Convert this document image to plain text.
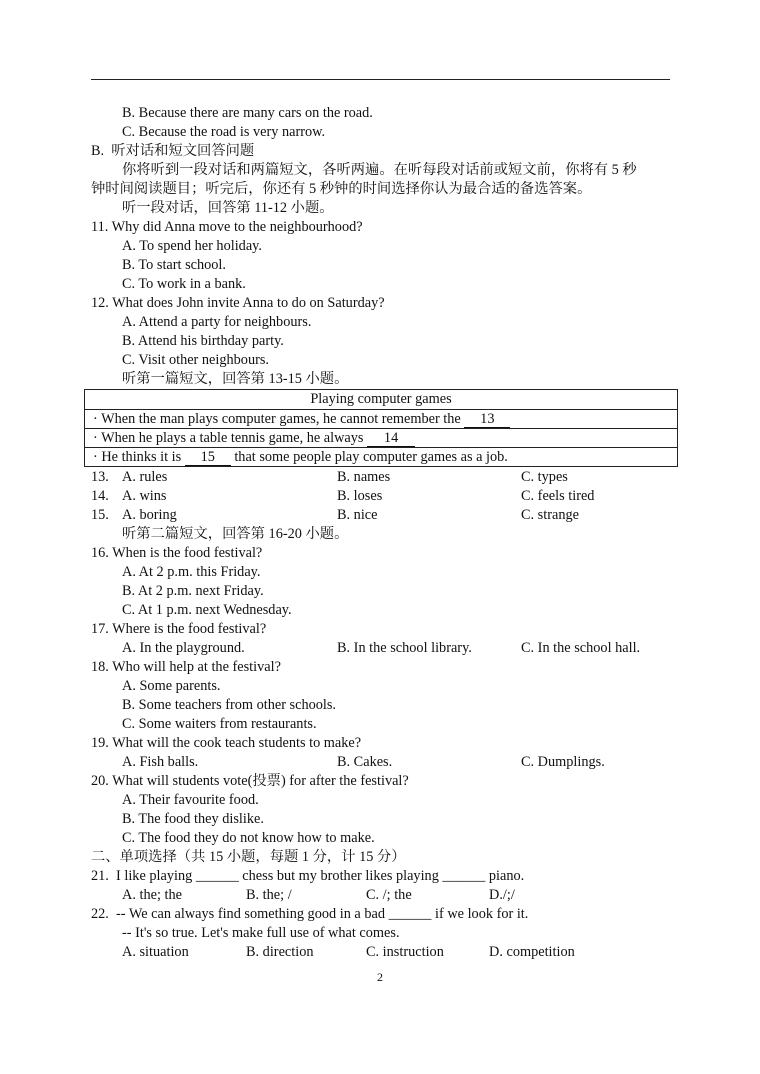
B. Because there are many cars on the road.
C. Because the road is very narrow.
B.  听对话和短文回答问题
你将听到一段对话和两篇短文，各听两遍。在听每段对话前或短文前，你将有 5 秒
钟时间阅读题目；听完后，你还有 5 秒钟的时间选择你认为最合适的备选答案。
听一段对话，回答第 11-12 小题。
11. Why did Anna move to the neighbourhood?
A. To spend her holiday.
B. To start school.
C. To work in a bank.
12. What does John invite Anna to do on Saturday?
A. Attend a party for neighbours.
B. Attend his birthday party.
C. Visit other neighbours.
听第一篇短文，回答第 13-15 小题。
Playing computer games
· When the man plays computer games, he cannot remember the 13
· When he plays a table tennis game, he always 14
· He thinks it is 15 that some people play computer games as a job.
13. A. rules	B. names	C. types
14. A. wins	B. loses	C. feels tired
15. A. boring	B. nice	C. strange
听第二篇短文，回答第 16-20 小题。
16. When is the food festival?
A. At 2 p.m. this Friday.
B. At 2 p.m. next Friday.
C. At 1 p.m. next Wednesday.
17. Where is the food festival?
A. In the playground.	B. In the school library.	C. In the school hall.
18. Who will help at the festival?
A. Some parents.
B. Some teachers from other schools.
C. Some waiters from restaurants.
19. What will the cook teach students to make?
A. Fish balls.	B. Cakes.	C. Dumplings.
20. What will students vote(投票) for after the festival?
A. Their favourite food.
B. The food they dislike.
C. The food they do not know how to make.
二、单项选择（共 15 小题，每题 1 分，计 15 分）
21.  I like playing ______ chess but my brother likes playing ______ piano.
A. the; the	B. the; /	C. /; the	D./;/
22.  -- We can always find something good in a bad ______ if we look for it.
-- It's so true. Let's make full use of what comes.
A. situation	B. direction	C. instruction	D. competition
2
